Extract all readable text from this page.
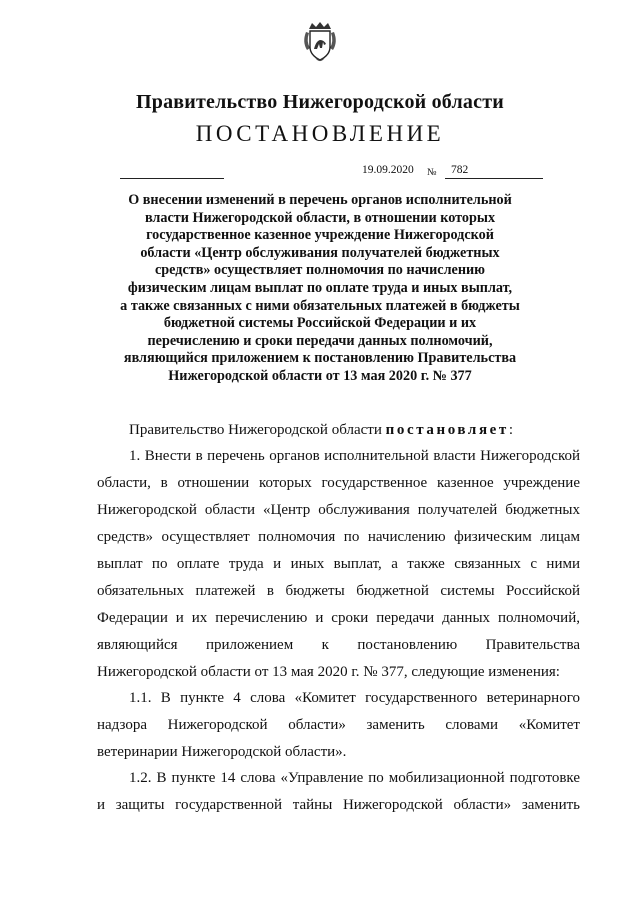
Правительство Нижегородской области
ПОСТАНОВЛЕНИЕ
19.09.2020 № 782
О внесении изменений в перечень органов исполнительной
власти Нижегородской области, в отношении которых
государственное казенное учреждение Нижегородской
области «Центр обслуживания получателей бюджетных
средств» осуществляет полномочия по начислению
физическим лицам выплат по оплате труда и иных выплат,
а также связанных с ними обязательных платежей в бюджеты
бюджетной системы Российской Федерации и их
перечислению и сроки передачи данных полномочий,
являющийся приложением к постановлению Правительства
Нижегородской области от 13 мая 2020 г. № 377
Правительство Нижегородской области постановляет:
1. Внести в перечень органов исполнительной власти Нижегородской
области, в отношении которых государственное казенное учреждение
Нижегородской области «Центр обслуживания получателей бюджетных
средств» осуществляет полномочия по начислению физическим лицам
выплат по оплате труда и иных выплат, а также связанных с ними
обязательных платежей в бюджеты бюджетной системы Российской
Федерации и их перечислению и сроки передачи данных полномочий,
являющийся приложением к постановлению Правительства
Нижегородской области от 13 мая 2020 г. № 377, следующие изменения:
1.1. В пункте 4 слова «Комитет государственного ветеринарного
надзора Нижегородской области» заменить словами «Комитет
ветеринарии Нижегородской области».
1.2. В пункте 14 слова «Управление по мобилизационной подготовке
и защиты государственной тайны Нижегородской области» заменить
